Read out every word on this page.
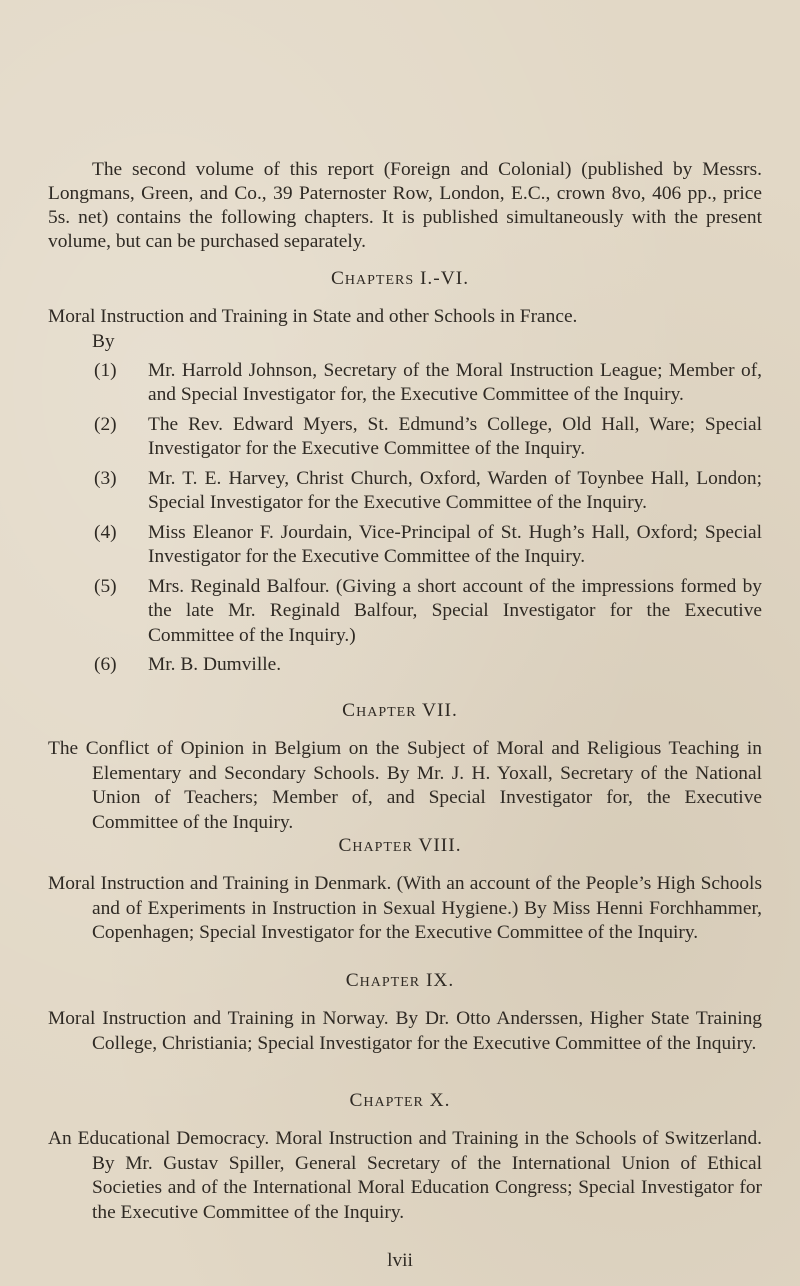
The second volume of this report (Foreign and Colonial) (published by Messrs. Longmans, Green, and Co., 39 Paternoster Row, London, E.C., crown 8vo, 406 pp., price 5s. net) contains the following chapters. It is published simultaneously with the present volume, but can be purchased separately.

Chapters I.-VI.
Moral Instruction and Training in State and other Schools in France.
By
(1) Mr. Harrold Johnson, Secretary of the Moral Instruction League; Member of, and Special Investigator for, the Executive Committee of the Inquiry.
(2) The Rev. Edward Myers, St. Edmund’s College, Old Hall, Ware; Special Investigator for the Executive Committee of the Inquiry.
(3) Mr. T. E. Harvey, Christ Church, Oxford, Warden of Toynbee Hall, London; Special Investigator for the Executive Committee of the Inquiry.
(4) Miss Eleanor F. Jourdain, Vice-Principal of St. Hugh’s Hall, Oxford; Special Investigator for the Executive Committee of the Inquiry.
(5) Mrs. Reginald Balfour. (Giving a short account of the impressions formed by the late Mr. Reginald Balfour, Special Investigator for the Executive Committee of the Inquiry.)
(6) Mr. B. Dumville.
Chapter VII.
The Conflict of Opinion in Belgium on the Subject of Moral and Religious Teaching in Elementary and Secondary Schools. By Mr. J. H. Yoxall, Secretary of the National Union of Teachers; Member of, and Special Investigator for, the Executive Committee of the Inquiry.
Chapter VIII.
Moral Instruction and Training in Denmark. (With an account of the People’s High Schools and of Experiments in Instruction in Sexual Hygiene.) By Miss Henni Forchhammer, Copenhagen; Special Investigator for the Executive Committee of the Inquiry.
Chapter IX.
Moral Instruction and Training in Norway. By Dr. Otto Anderssen, Higher State Training College, Christiania; Special Investigator for the Executive Committee of the Inquiry.
Chapter X.
An Educational Democracy. Moral Instruction and Training in the Schools of Switzerland. By Mr. Gustav Spiller, General Secretary of the International Union of Ethical Societies and of the International Moral Education Congress; Special Investigator for the Executive Committee of the Inquiry.
lvii
